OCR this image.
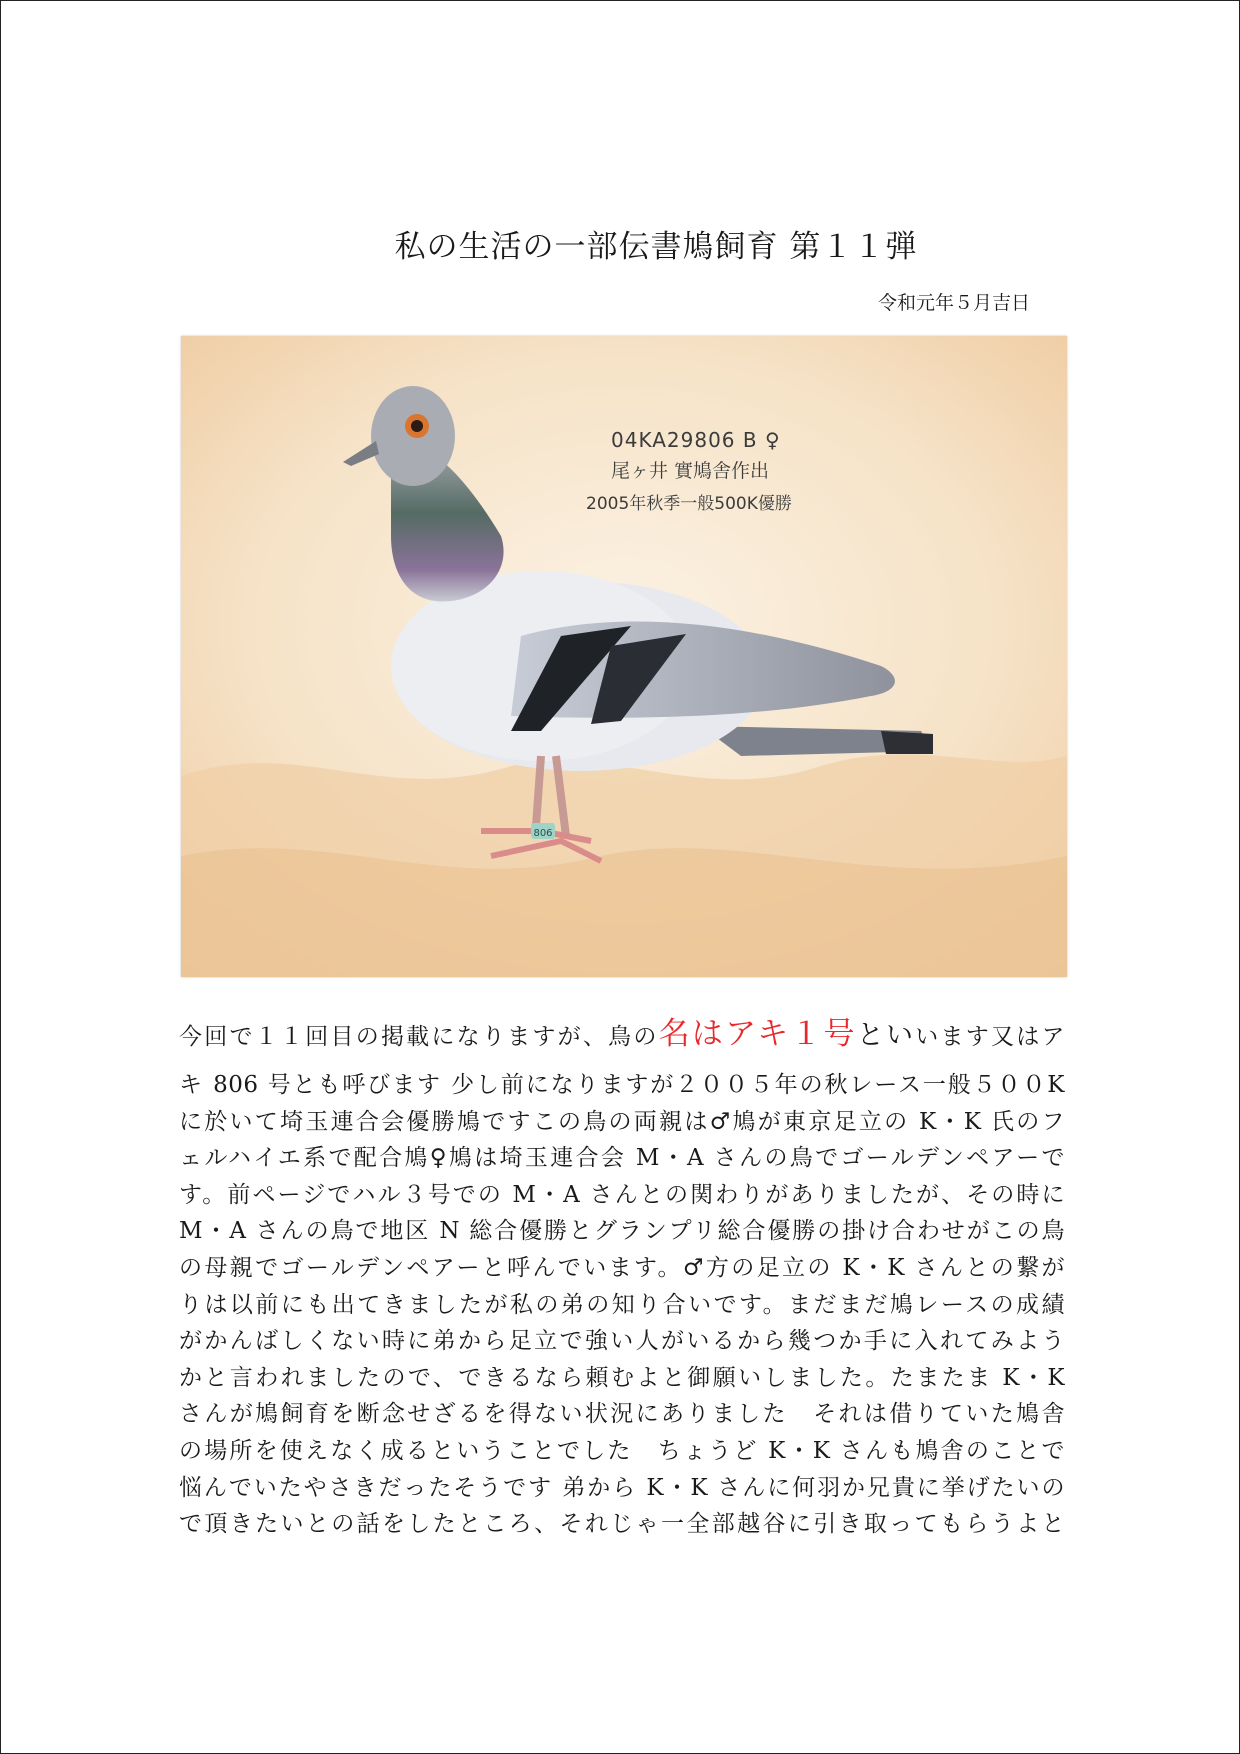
私の生活の一部伝書鳩飼育 第１１弾
令和元年５月吉日
806
04KA29806 B ♀
尾ヶ井 實鳩舎作出
2005年秋季一般500K優勝
今回で１１回目の掲載になりますが、鳥の名はアキ１号といいます又はア
キ 806 号とも呼びます 少し前になりますが２００５年の秋レース一般５００K
に於いて埼玉連合会優勝鳩ですこの鳥の両親は♂鳩が東京足立の K・K 氏のフ
ェルハイエ系で配合鳩♀鳩は埼玉連合会 M・A さんの鳥でゴールデンペアーで
す。前ページでハル３号での M・A さんとの関わりがありましたが、その時に
M・A さんの鳥で地区 N 総合優勝とグランプリ総合優勝の掛け合わせがこの鳥
の母親でゴールデンペアーと呼んでいます。♂方の足立の K・K さんとの繋が
りは以前にも出てきましたが私の弟の知り合いです。まだまだ鳩レースの成績
がかんばしくない時に弟から足立で強い人がいるから幾つか手に入れてみよう
かと言われましたので、できるなら頼むよと御願いしました。たまたま K・K
さんが鳩飼育を断念せざるを得ない状況にありました　それは借りていた鳩舎
の場所を使えなく成るということでした　ちょうど K・K さんも鳩舎のことで
悩んでいたやさきだったそうです 弟から K・K さんに何羽か兄貴に挙げたいの
で頂きたいとの話をしたところ、それじゃ一全部越谷に引き取ってもらうよと
